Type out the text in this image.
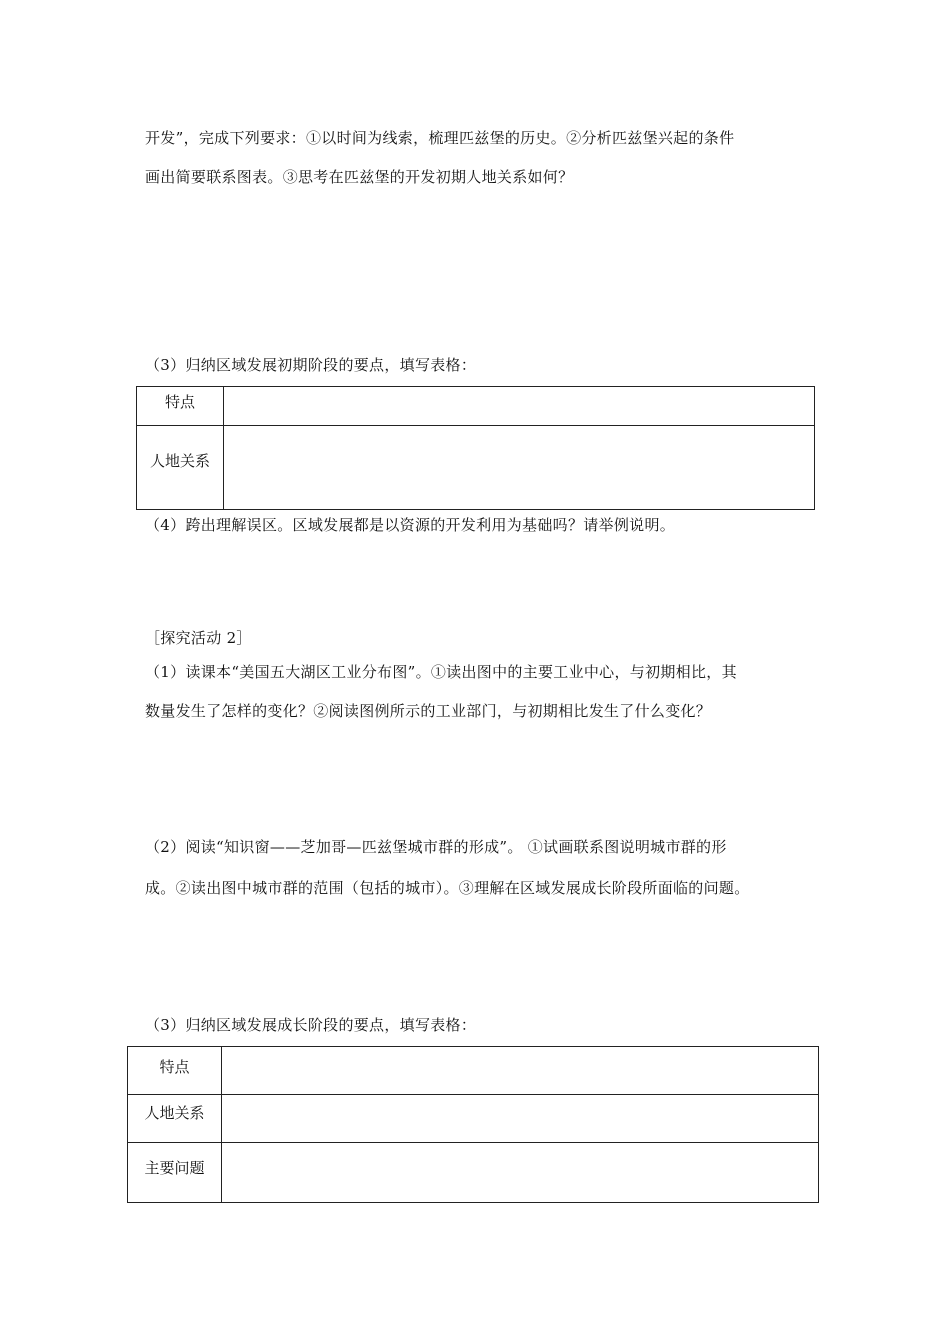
开发”，完成下列要求：①以时间为线索，梳理匹兹堡的历史。②分析匹兹堡兴起的条件
画出简要联系图表。③思考在匹兹堡的开发初期人地关系如何？
（3）归纳区域发展初期阶段的要点，填写表格：
特点	

人地关系	

（4）跨出理解误区。区域发展都是以资源的开发利用为基础吗？请举例说明。
［探究活动 2］
（1）读课本“美国五大湖区工业分布图”。①读出图中的主要工业中心，与初期相比，其
数量发生了怎样的变化？②阅读图例所示的工业部门，与初期相比发生了什么变化？
（2）阅读“知识窗——芝加哥—匹兹堡城市群的形成”。 ①试画联系图说明城市群的形
成。②读出图中城市群的范围（包括的城市）。③理解在区域发展成长阶段所面临的问题。
（3）归纳区域发展成长阶段的要点，填写表格：
特点	

人地关系	

主要问题	
